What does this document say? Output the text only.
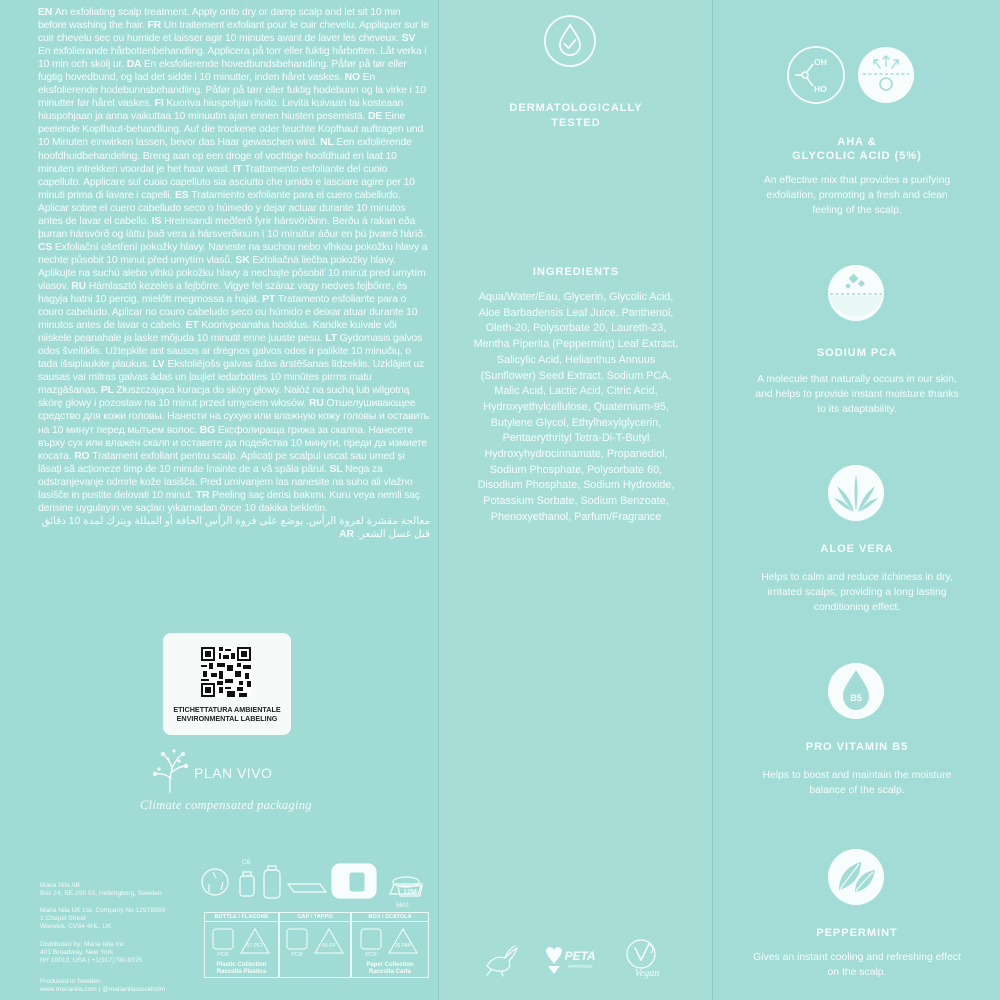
EN An exfoliating scalp treatment. Apply onto dry or damp scalp and let sit 10 min before washing the hair. FR Un traitement exfoliant pour le cuir chevelu. Appliquer sur le cuir chevelu sec ou humide et laisser agir 10 minutes avant de laver les cheveux. SV En exfolierande hårbottenbehandling. Applicera på torr eller fuktig hårbotten. Låt verka i 10 min och skölj ur. DA En eksfolierende hovedbundsbehandling. Påfør på tør eller fugtig hovedbund, og lad det sidde i 10 minutter, inden håret vaskes. NO En eksfolierende hodebunnsbehandling. Påfør på tørr eller fuktig hodebunn og la virke i 10 minutter før håret vaskes. FI Kuoriva hiuspohjan hoito. Levitä kuivaan tai kosteaan hiuspohjaan ja anna vaikuttaa 10 minuutin ajan ennen hiusten pesemistä. DE Eine peelende Kopfhaut-behandlung. Auf die trockene oder feuchte Kopfhaut auftragen und 10 Minuten einwirken lassen, bevor das Haar gewaschen wird. NL Een exfoliërende hoofdhuidbehandeling. Breng aan op een droge of vochtige hoofdhuid en laat 10 minuten intrekken voordat je het haar wast. IT Trattamento esfoliante del cuoio capelluto. Applicare sul cuoio capelluto sia asciutto che umido e lasciare agire per 10 minuti prima di lavare i capelli. ES Tratamiento exfoliante para el cuero cabelludo. Aplicar sobre el cuero cabelludo seco o húmedo y dejar actuar durante 10 minutos antes de lavar el cabello. IS Hreinsandi meðferð fyrir hársvörðinn. Berðu á rakan eða þurran hársvörð og láttu það vera á hársverðinum í 10 mínútur áður en þú þværð hárið. CS Exfoliační ošetření pokožky hlavy. Naneste na suchou nebo vlhkou pokožku hlavy a nechte působit 10 minut před umytím vlasů. SK Exfoliačná liečba pokožky hlavy. Aplikujte na suchú alebo vlhkú pokožku hlavy a nechajte pôsobiť 10 minút pred umytím vlasov. RU Hámlasztó kezelés a fejbőrre. Vigye fel száraz vagy nedves fejbőrre, és hagyja hatni 10 percig, mielőtt megmossa a haját. PT Tratamento esfoliante para o couro cabeludo. Aplicar no couro cabeludo seco ou húmido e deixar atuar durante 10 minutos antes de lavar o cabelo. ET Koorivpeanaha hooldus. Kandke kuivale või niiskele peanahale ja laske mõjuda 10 minutit enne juuste pesu. LT Gydomasis galvos odos šveitiklis. Užtepkite ant sausos ar drėgnos galvos odos ir palikite 10 minučių, o tada išsiplaukite plaukus. LV Eksfoliējošs galvas ādas ārstēšanas līdzeklis. Uzklājiet uz sausas vai mitras galvas ādas un ļaujiet iedarboties 10 minūtes pirms matu mazgāšanas. PL Złuszczająca kuracja do skóry głowy. Nałóż na suchą lub wilgotną skórę głowy i pozostaw na 10 minut przed umyciem włosów. RU Отшелушивающее средство для кожи головы. Нанести на сухую или влажную кожу головы и оставить на 10 минут перед мытьем волос. BG Ексфолираща грижа за скалпа. Нанесете върху сух или влажен скалп и оставете да подейства 10 минути, преди да измиете косата. RO Tratament exfoliant pentru scalp. Aplicați pe scalpul uscat sau umed și lăsați să acționeze timp de 10 minute înainte de a vă spăla părul. SL Nega za odstranjevanje odmrle kože lasišča. Pred umivanjem las nanesite na suho ali vlažno lasišče in pustite delovati 10 minut. TR Peeling saç derisi bakımı. Kuru veya nemli saç derisine uygulayın ve saçları yıkamadan önce 10 dakika bekletin.
معالجة مقشرة لفروة الرأس. يوضع على فروة الرأس الجافة أو المبللة ويترك لمدة 10 دقائق قبل غسل الشعر. AR
ETICHETTATURA AMBIENTALE
ENVIRONMENTAL LABELING
PLAN VIVO
Climate compensated packaging
Maria Nila AB
Box 24, SE-250 53, Helsingborg, Sweden
Maria Nila UK Ltd, Company No 12978659
1 Chapel Street
Warwick, CV34 4HL, UK
Distributed by: Maria Nila Inc
401 Broadway, New York
NY 10013, USA | +1(917)790-9375
Produced in Sweden
www.marianila.com | @marianilastockholm
CB
12M
5601
BOTTLE / FLACONE
PCR
07 PET
Plastic Collection
Raccolta Plastica
CAP / TAPPO
PCR
05 PP
BOX / SCATOLA
PCR
20 PAP
Paper Collection
Raccolta Carta
DERMATOLOGICALLY
TESTED
INGREDIENTS
Aqua/Water/Eau, Glycerin, Glycolic Acid, Aloe Barbadensis Leaf Juice, Panthenol, Oleth-20, Polysorbate 20, Laureth-23, Mentha Piperita (Peppermint) Leaf Extract, Salicylic Acid, Helianthus Annuus (Sunflower) Seed Extract, Sodium PCA, Malic Acid, Lactic Acid, Citric Acid, Hydroxyethylcellulose, Quaternium-95, Butylene Glycol, Ethylhexylglycerin, Pentaerythrityl Tetra-Di-T-Butyl Hydroxyhydrocinnamate, Propanediol, Sodium Phosphate, Polysorbate 60, Disodium Phosphate, Sodium Hydroxide, Potassium Sorbate, Sodium Benzoate, Phenoxyethanol, Parfum/Fragrance
PETA
APPROVED
Vegan
OH
HO
AHA &
GLYCOLIC ACID (5%)
An effective mix that provides a purifying exfoliation, promoting a fresh and clean feeling of the scalp.
SODIUM PCA
A molecule that naturally occurs in our skin, and helps to provide instant moisture thanks to its adaptability.
ALOE VERA
Helps to calm and reduce itchiness in dry, irritated scalps, providing a long lasting conditioning effect.
B5
PRO VITAMIN B5
Helps to boost and maintain the moisture balance of the scalp.
PEPPERMINT
Gives an instant cooling and refreshing effect on the scalp.
